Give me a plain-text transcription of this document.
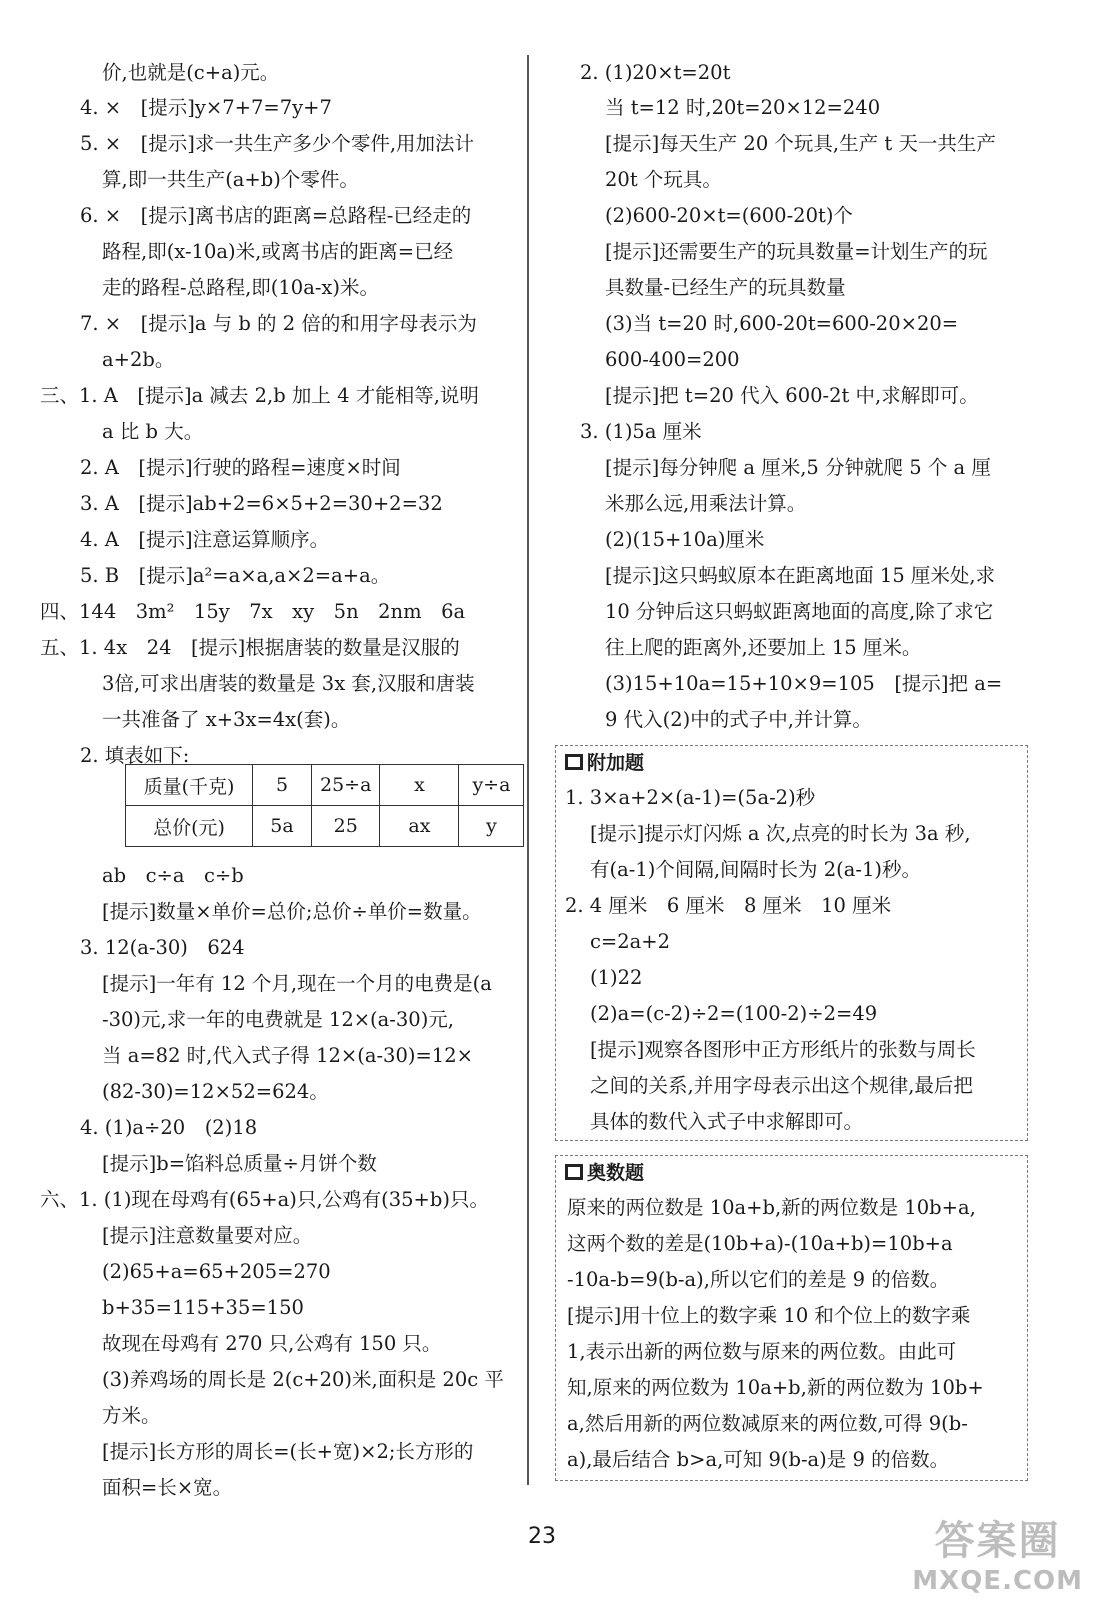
价,也就是(c+a)元。
4. ×　[提示]y×7+7=7y+7
5. ×　[提示]求一共生产多少个零件,用加法计
算,即一共生产(a+b)个零件。
6. ×　[提示]离书店的距离=总路程-已经走的
路程,即(x-10a)米,或离书店的距离=已经
走的路程-总路程,即(10a-x)米。
7. ×　[提示]a 与 b 的 2 倍的和用字母表示为
a+2b。
三、1. A　[提示]a 减去 2,b 加上 4 才能相等,说明
a 比 b 大。
2. A　[提示]行驶的路程=速度×时间
3. A　[提示]ab+2=6×5+2=30+2=32
4. A　[提示]注意运算顺序。
5. B　[提示]a²=a×a,a×2=a+a。
四、144　3m²　15y　7x　xy　5n　2nm　6a
五、1. 4x　24　[提示]根据唐装的数量是汉服的
3倍,可求出唐装的数量是 3x 套,汉服和唐装
一共准备了 x+3x=4x(套)。
2. 填表如下:
ab　c÷a　c÷b
[提示]数量×单价=总价;总价÷单价=数量。
3. 12(a-30)　624
[提示]一年有 12 个月,现在一个月的电费是(a
-30)元,求一年的电费就是 12×(a-30)元,
当 a=82 时,代入式子得 12×(a-30)=12×
(82-30)=12×52=624。
4. (1)a÷20　(2)18
[提示]b=馅料总质量÷月饼个数
六、1. (1)现在母鸡有(65+a)只,公鸡有(35+b)只。
[提示]注意数量要对应。
(2)65+a=65+205=270
b+35=115+35=150
故现在母鸡有 270 只,公鸡有 150 只。
(3)养鸡场的周长是 2(c+20)米,面积是 20c 平
方米。
[提示]长方形的周长=(长+宽)×2;长方形的
面积=长×宽。
质量(千克)	5	25÷a	x	y÷a
总价(元)	5a	25	ax	y
2. (1)20×t=20t
当 t=12 时,20t=20×12=240
[提示]每天生产 20 个玩具,生产 t 天一共生产
20t 个玩具。
(2)600-20×t=(600-20t)个
[提示]还需要生产的玩具数量=计划生产的玩
具数量-已经生产的玩具数量
(3)当 t=20 时,600-20t=600-20×20=
600-400=200
[提示]把 t=20 代入 600-2t 中,求解即可。
3. (1)5a 厘米
[提示]每分钟爬 a 厘米,5 分钟就爬 5 个 a 厘
米那么远,用乘法计算。
(2)(15+10a)厘米
[提示]这只蚂蚁原本在距离地面 15 厘米处,求
10 分钟后这只蚂蚁距离地面的高度,除了求它
往上爬的距离外,还要加上 15 厘米。
(3)15+10a=15+10×9=105　[提示]把 a=
9 代入(2)中的式子中,并计算。
附加题
1. 3×a+2×(a-1)=(5a-2)秒
[提示]提示灯闪烁 a 次,点亮的时长为 3a 秒,
有(a-1)个间隔,间隔时长为 2(a-1)秒。
2. 4 厘米　6 厘米　8 厘米　10 厘米
c=2a+2
(1)22
(2)a=(c-2)÷2=(100-2)÷2=49
[提示]观察各图形中正方形纸片的张数与周长
之间的关系,并用字母表示出这个规律,最后把
具体的数代入式子中求解即可。
奥数题
原来的两位数是 10a+b,新的两位数是 10b+a,
这两个数的差是(10b+a)-(10a+b)=10b+a
-10a-b=9(b-a),所以它们的差是 9 的倍数。
[提示]用十位上的数字乘 10 和个位上的数字乘
1,表示出新的两位数与原来的两位数。由此可
知,原来的两位数为 10a+b,新的两位数为 10b+
a,然后用新的两位数减原来的两位数,可得 9(b-
a),最后结合 b>a,可知 9(b-a)是 9 的倍数。
23	答案圈
MXQE.COM
